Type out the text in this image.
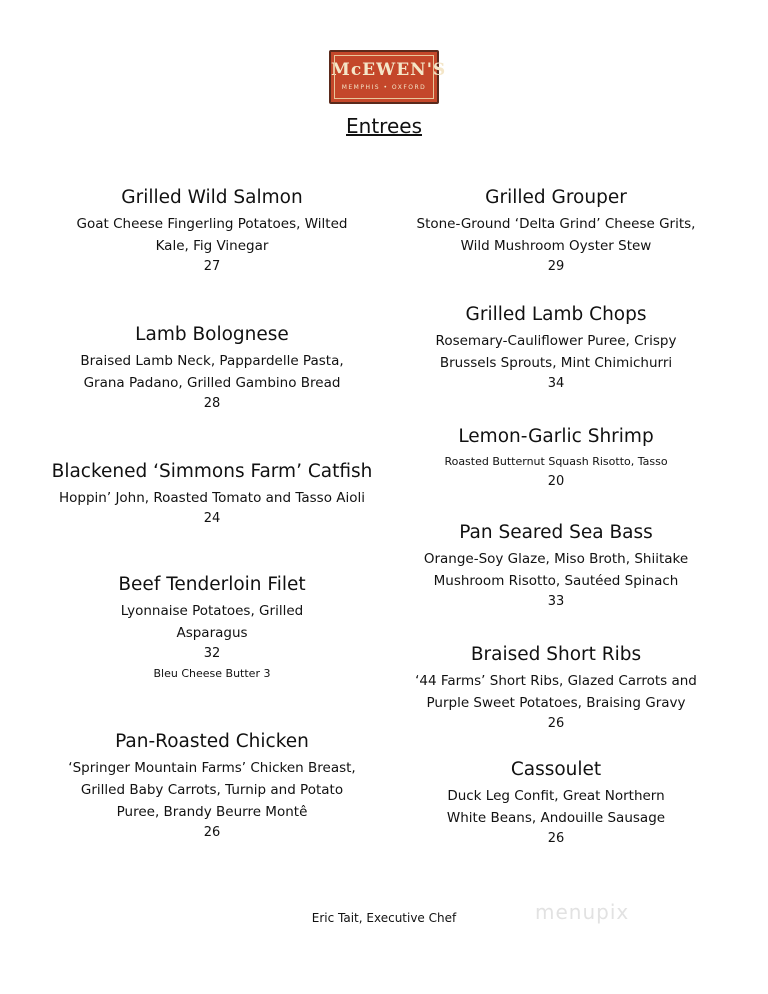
McEWEN'S
MEMPHIS • OXFORD
Entrees

Grilled Wild Salmon

Goat Cheese Fingerling Potatoes, Wilted Kale, Fig Vinegar

27

Lamb Bolognese

Braised Lamb Neck, Pappardelle Pasta, Grana Padano, Grilled Gambino Bread

28

Blackened ‘Simmons Farm’ Catfish

Hoppin’ John, Roasted Tomato and Tasso Aioli

24

Beef Tenderloin Filet

Lyonnaise Potatoes, Grilled Asparagus

32

Bleu Cheese Butter 3

Pan-Roasted Chicken

‘Springer Mountain Farms’ Chicken Breast, Grilled Baby Carrots, Turnip and Potato Puree, Brandy Beurre Montê

26

Grilled Grouper

Stone-Ground ‘Delta Grind’ Cheese Grits, Wild Mushroom Oyster Stew

29

Grilled Lamb Chops

Rosemary-Cauliflower Puree, Crispy Brussels Sprouts, Mint Chimichurri

34

Lemon-Garlic Shrimp

Roasted Butternut Squash Risotto, Tasso

20

Pan Seared Sea Bass

Orange-Soy Glaze, Miso Broth, Shiitake Mushroom Risotto, Sautéed Spinach

33

Braised Short Ribs

‘44 Farms’ Short Ribs, Glazed Carrots and Purple Sweet Potatoes, Braising Gravy

26

Cassoulet

Duck Leg Confit, Great Northern White Beans, Andouille Sausage

26

Eric Tait, Executive Chef	menupix
